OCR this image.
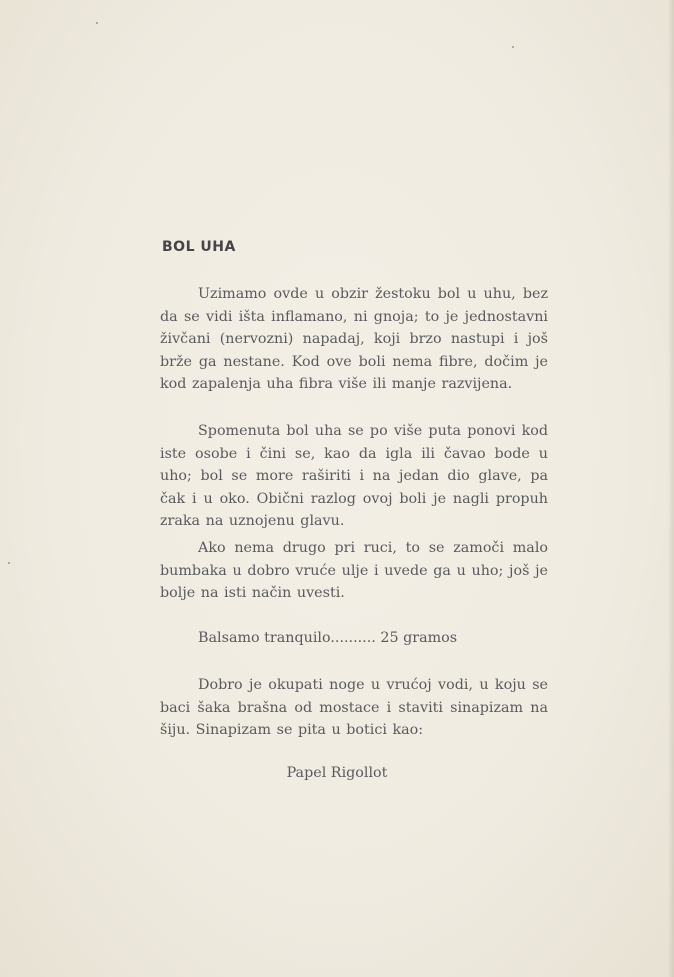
BOL UHA
Uzimamo ovde u obzir žestoku bol u uhu, bez da se vidi išta inflamano, ni gnoja; to je jednostavni živčani (nervozni) napadaj, koji brzo nastupi i još brže ga nestane. Kod ove boli nema fibre, dočim je kod zapalenja uha fibra više ili manje razvijena.
Spomenuta bol uha se po više puta ponovi kod iste osobe i čini se, kao da igla ili čavao bode u uho; bol se more raširiti i na jedan dio glave, pa čak i u oko. Obični razlog ovoj boli je nagli propuh zraka na uznojenu glavu.
Ako nema drugo pri ruci, to se zamoči malo bumbaka u dobro vruće ulje i uvede ga u uho; još je bolje na isti način uvesti.
Balsamo tranquilo.......... 25 gramos
Dobro je okupati noge u vrućoj vodi, u koju se baci šaka brašna od mostace i staviti sinapizam na šiju. Sinapizam se pita u botici kao:
Papel Rigollot
